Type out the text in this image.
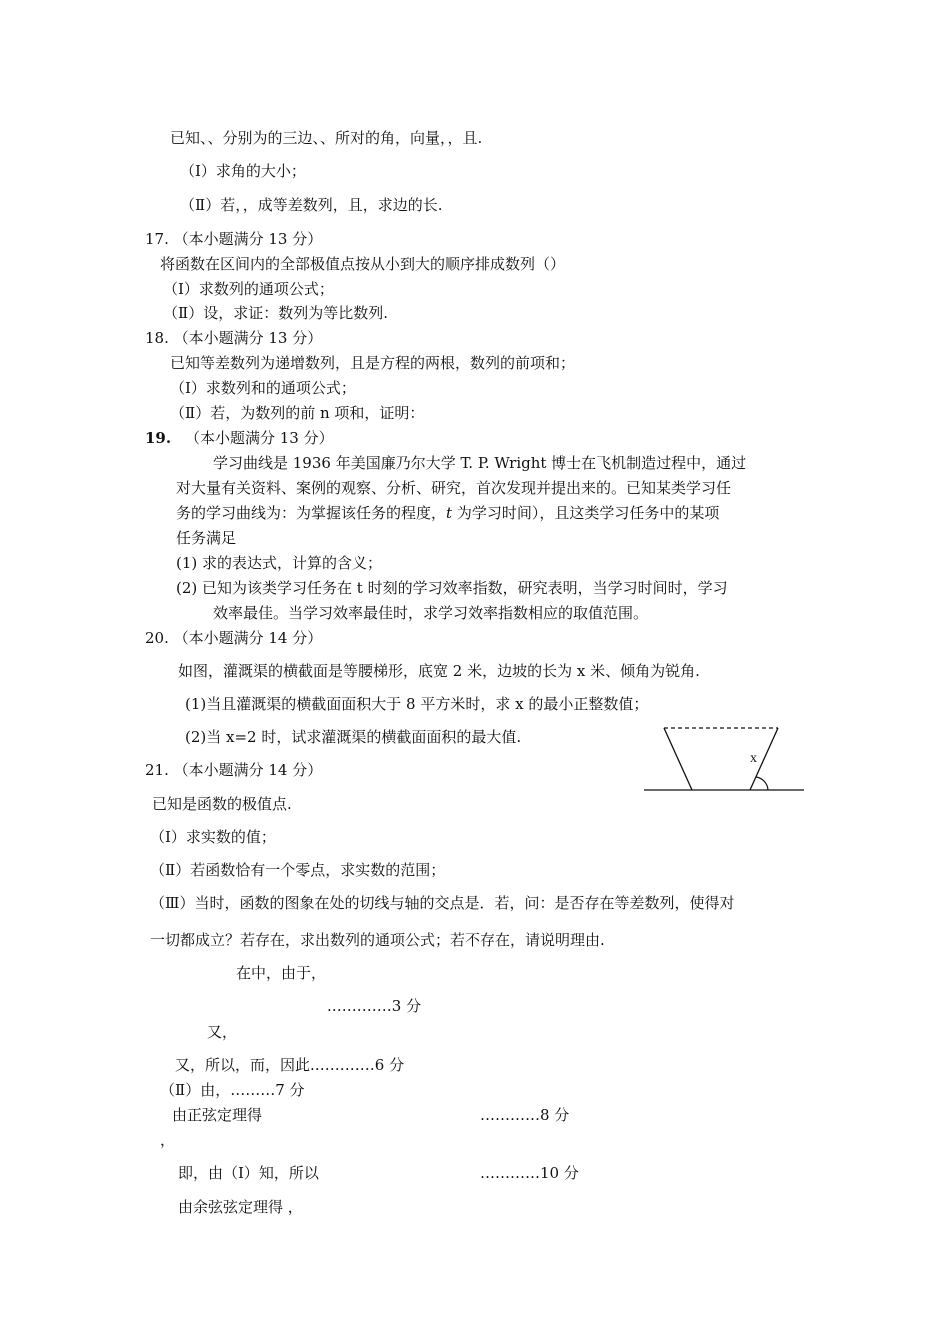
已知、、分别为的三边、、所对的角，向量，，且.
（Ⅰ）求角的大小；
（Ⅱ）若，，成等差数列，且，求边的长.
17. （本小题满分 13 分）
将函数在区间内的全部极值点按从小到大的顺序排成数列（）
（Ⅰ）求数列的通项公式；
（Ⅱ）设，求证：数列为等比数列.
18. （本小题满分 13 分）
已知等差数列为递增数列，且是方程的两根，数列的前项和；
（Ⅰ）求数列和的通项公式；
（Ⅱ）若，为数列的前 n 项和，证明：
19. （本小题满分 13 分）
学习曲线是 1936 年美国廉乃尔大学 T. P. Wright 博士在飞机制造过程中，通过
对大量有关资料、案例的观察、分析、研究，首次发现并提出来的。已知某类学习任
务的学习曲线为：为掌握该任务的程度，t 为学习时间），且这类学习任务中的某项
任务满足
(1) 求的表达式，计算的含义；
(2) 已知为该类学习任务在 t 时刻的学习效率指数，研究表明，当学习时间时，学习
效率最佳。当学习效率最佳时，求学习效率指数相应的取值范围。
20. （本小题满分 14 分）
如图，灌溉渠的横截面是等腰梯形，底宽 2 米，边坡的长为 x 米、倾角为锐角.
(1)当且灌溉渠的横截面面积大于 8 平方米时，求 x 的最小正整数值；
(2)当 x=2 时，试求灌溉渠的横截面面积的最大值.
x
21. （本小题满分 14 分）
已知是函数的极值点.
（Ⅰ）求实数的值；
（Ⅱ）若函数恰有一个零点，求实数的范围；
（Ⅲ）当时，函数的图象在处的切线与轴的交点是．若，问：是否存在等差数列，使得对
一切都成立？若存在，求出数列的通项公式；若不存在，请说明理由.
在中，由于，
.…………3 分
又，
又，所以，而，因此.…………6 分
（Ⅱ）由，………7 分
由正弦定理得	…………8 分
，
即，由（Ⅰ）知，所以	…………10 分
由余弦弦定理得 ，
